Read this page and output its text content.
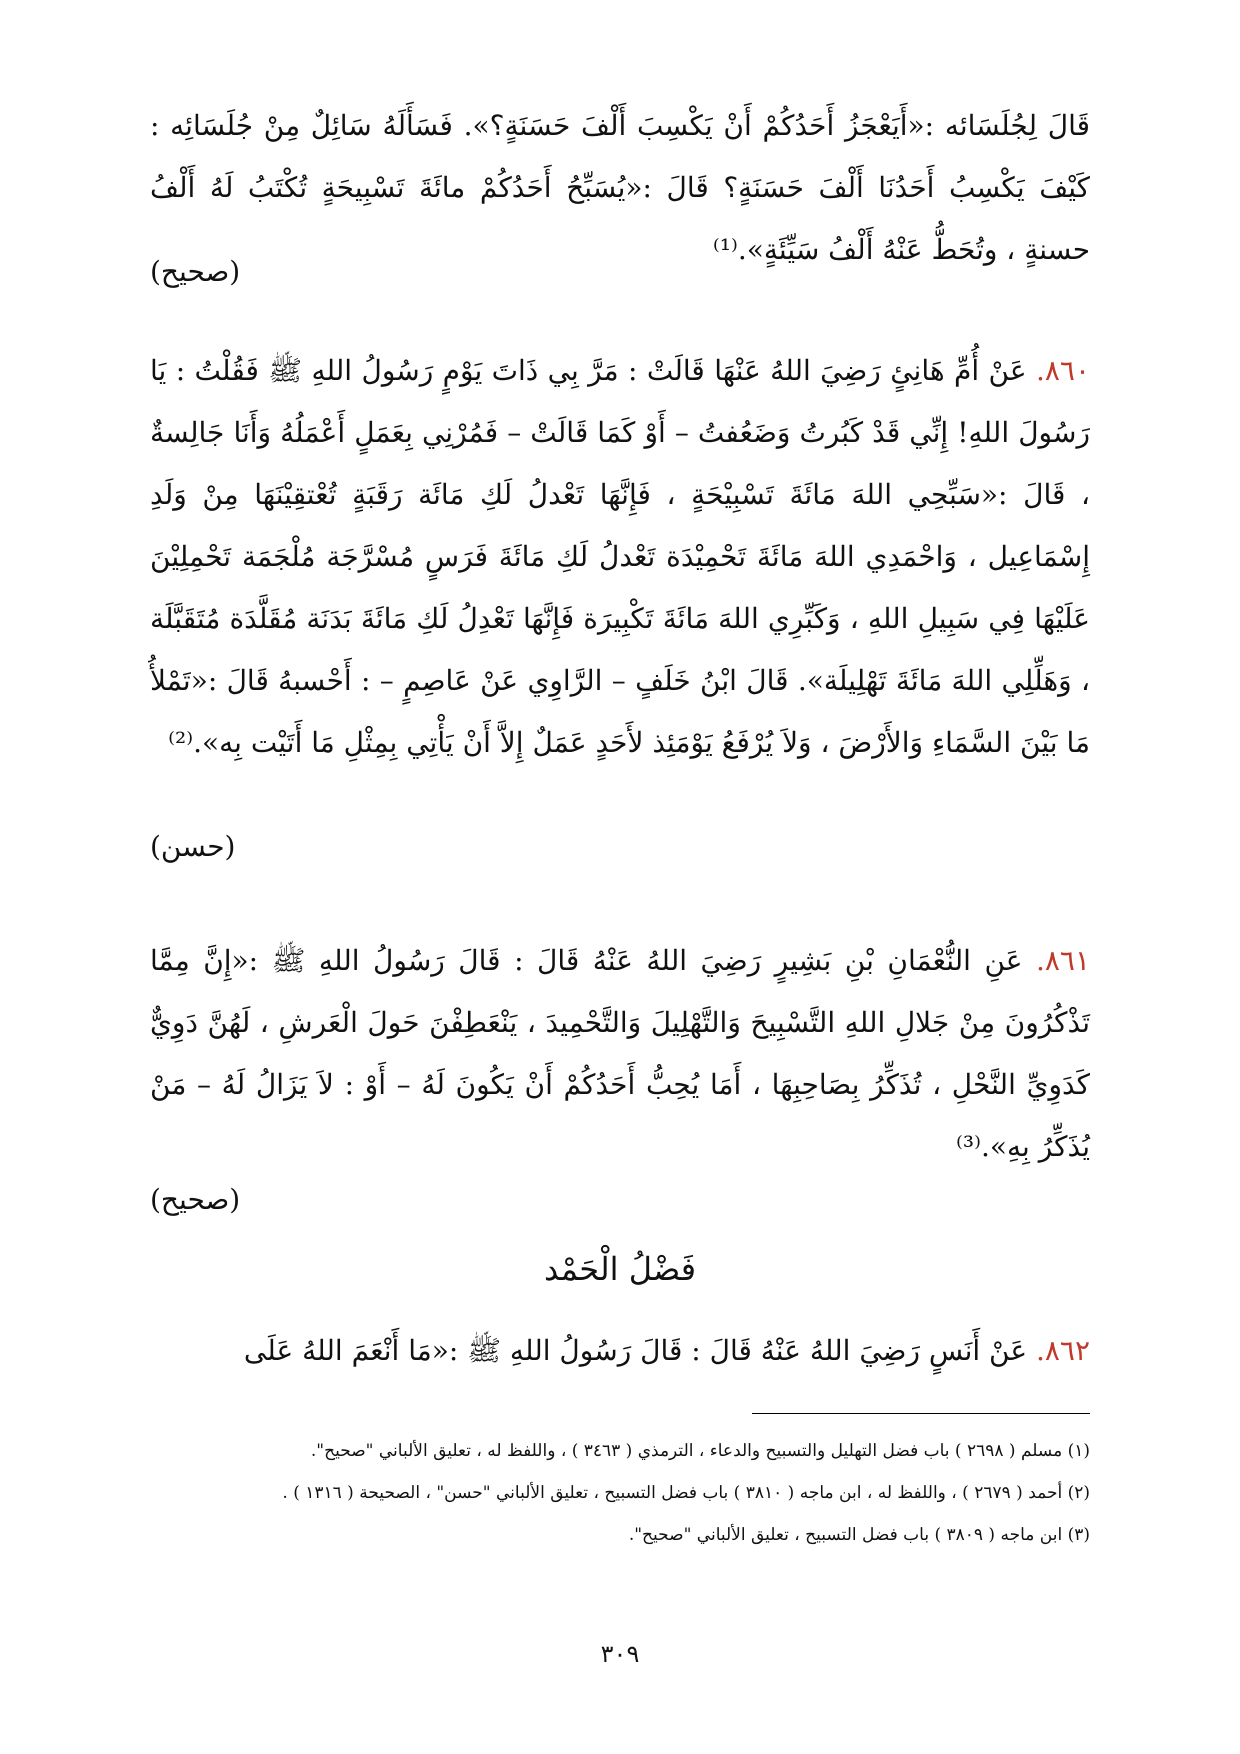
قَالَ لِجُلَسَائه :«أَيَعْجَزُ أَحَدُكُمْ أَنْ يَكْسِبَ أَلْفَ حَسَنَةٍ؟». فَسَأَلَهُ سَائِلٌ مِنْ جُلَسَائِه : كَيْفَ يَكْسِبُ أَحَدُنَا أَلْفَ حَسَنَةٍ؟ قَالَ :«يُسَبِّحُ أَحَدُكُمْ مائَةَ تَسْبِيحَةٍ تُكْتَبُ لَهُ أَلْفُ حسنةٍ ، وتُحَطُّ عَنْهُ أَلْفُ سَيِّئَةٍ».⁽¹⁾
(صحيح)
٨٦٠. عَنْ أُمِّ هَانِئٍ رَضِيَ اللهُ عَنْهَا قَالَتْ : مَرَّ بِي ذَاتَ يَوْمٍ رَسُولُ اللهِ ﷺ فَقُلْتُ : يَا رَسُولَ اللهِ! إِنِّي قَدْ كَبُرتُ وَضَعُفتُ – أَوْ كَمَا قَالَتْ – فَمُرْنِي بِعَمَلٍ أَعْمَلُهُ وَأَنَا جَالِسةٌ ، قَالَ :«سَبِّحِي اللهَ مَائَةَ تَسْبِيْحَةٍ ، فَإِنَّهَا تَعْدلُ لَكِ مَائَة رَقَبَةٍ تُعْتقِيْنَهَا مِنْ وَلَدِ إِسْمَاعِيل ، وَاحْمَدِي اللهَ مَائَةَ تَحْمِيْدَة تَعْدلُ لَكِ مَائَةَ فَرَسٍ مُسْرَّجَة مُلْجَمَة تَحْمِلِيْنَ عَلَيْهَا فِي سَبِيلِ اللهِ ، وَكَبِّرِي اللهَ مَائَةَ تَكْبِيرَة فَإِنَّهَا تَعْدِلُ لَكِ مَائَةَ بَدَنَة مُقَلَّدَة مُتَقَبَّلَة ، وَهَلِّلِي اللهَ مَائَةَ تَهْلِيلَة». قَالَ ابْنُ خَلَفٍ – الرَّاوِي عَنْ عَاصِمٍ – : أَحْسبهُ قَالَ :«تَمْلأُ مَا بَيْنَ السَّمَاءِ وَالأَرْضَ ، وَلاَ يُرْفَعُ يَوْمَئِذ لأَحَدٍ عَمَلٌ إِلاَّ أَنْ يَأْتِي بِمِثْلِ مَا أَتَيْت بِه».⁽²⁾
(حسن)
٨٦١. عَنِ النُّعْمَانِ بْنِ بَشِيرٍ رَضِيَ اللهُ عَنْهُ قَالَ : قَالَ رَسُولُ اللهِ ﷺ :«إِنَّ مِمَّا تَذْكُرُونَ مِنْ جَلالِ اللهِ التَّسْبِيحَ وَالتَّهْلِيلَ وَالتَّحْمِيدَ ، يَنْعَطِفْنَ حَولَ الْعَرشِ ، لَهُنَّ دَوِيٌّ كَدَوِيِّ النَّحْلِ ، تُذَكِّرُ بِصَاحِبِهَا ، أَمَا يُحِبُّ أَحَدُكُمْ أَنْ يَكُونَ لَهُ – أَوْ : لاَ يَزَالُ لَهُ – مَنْ يُذَكِّرُ بِهِ».⁽³⁾
(صحيح)
فَضْلُ الْحَمْد
٨٦٢. عَنْ أَنَسٍ رَضِيَ اللهُ عَنْهُ قَالَ : قَالَ رَسُولُ اللهِ ﷺ :«مَا أَنْعَمَ اللهُ عَلَى
(١) مسلم ( ٢٦٩٨ ) باب فضل التهليل والتسبيح والدعاء ، الترمذي ( ٣٤٦٣ ) ، واللفظ له ، تعليق الألباني "صحيح".
(٢) أحمد ( ٢٦٧٩ ) ، واللفظ له ، ابن ماجه ( ٣٨١٠ ) باب فضل التسبيح ، تعليق الألباني "حسن" ، الصحيحة ( ١٣١٦ ) .
(٣) ابن ماجه ( ٣٨٠٩ ) باب فضل التسبيح ، تعليق الألباني "صحيح".
٣٠٩
